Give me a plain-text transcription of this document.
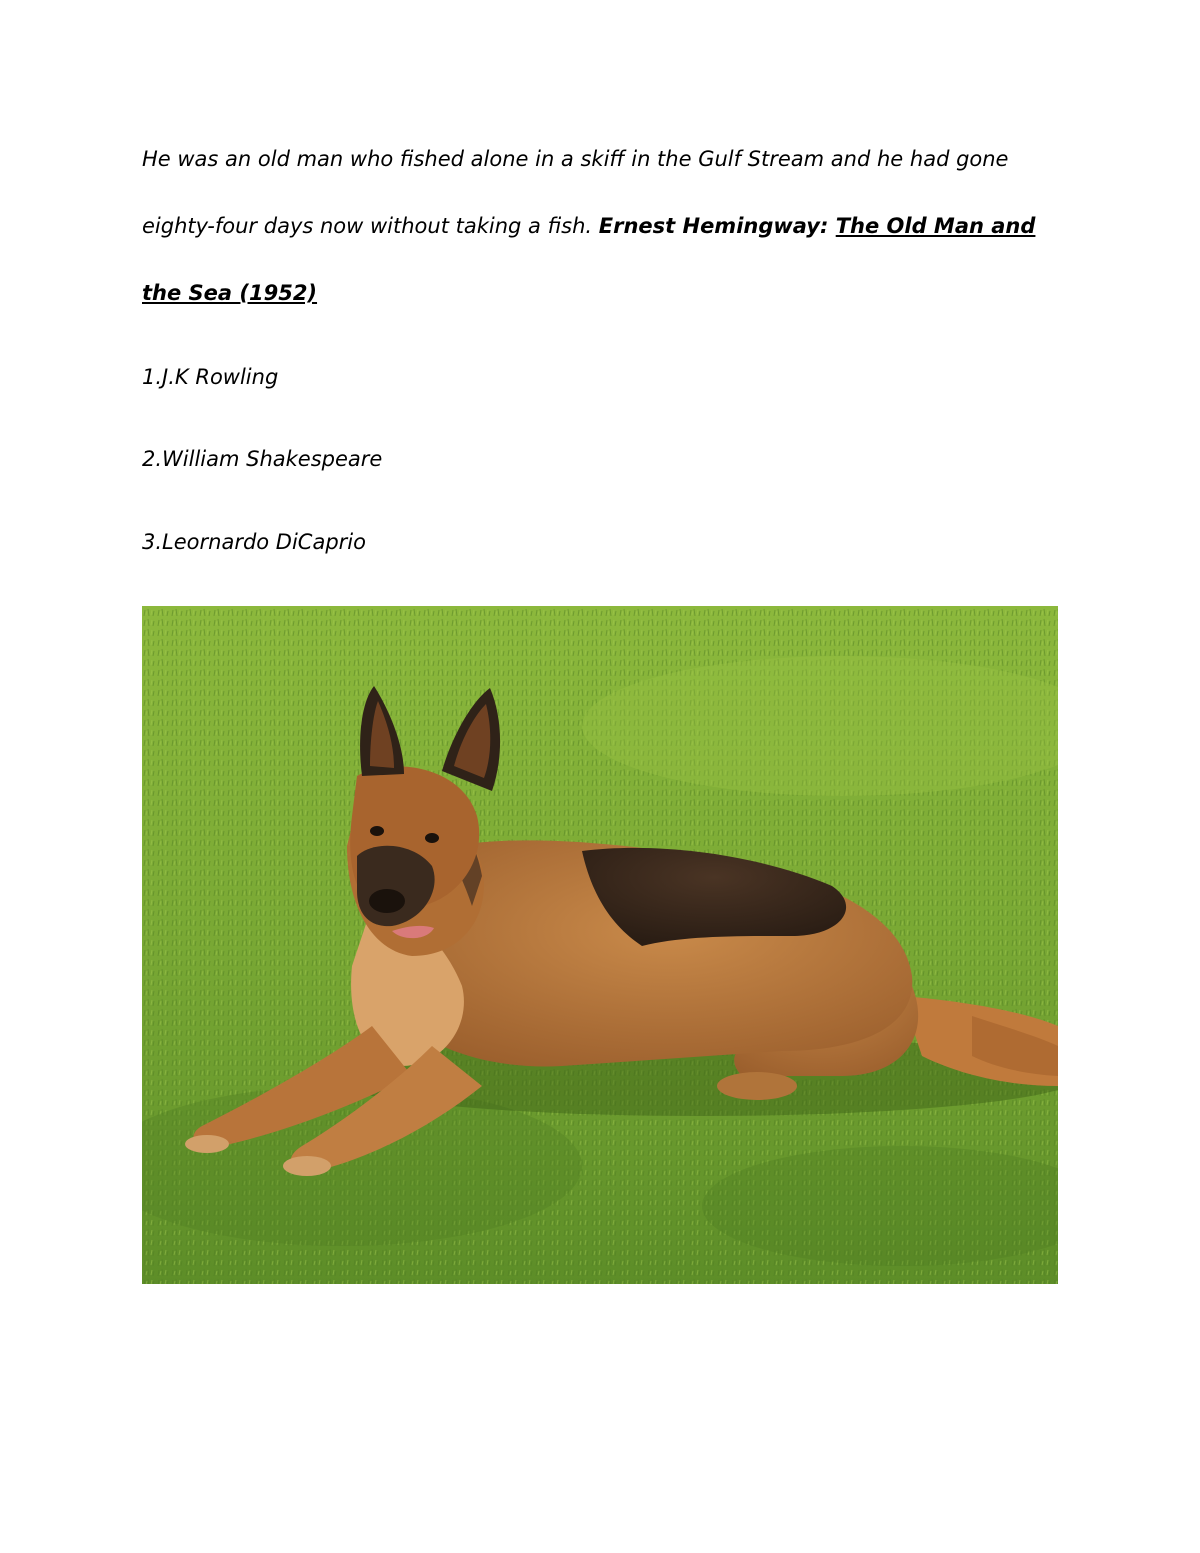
He was an old man who fished alone in a skiff in the Gulf Stream and he had gone
eighty-four days now without taking a fish. Ernest Hemingway: The Old Man and
the Sea (1952)
1.J.K Rowling
2.William Shakespeare
3.Leornardo DiCaprio
